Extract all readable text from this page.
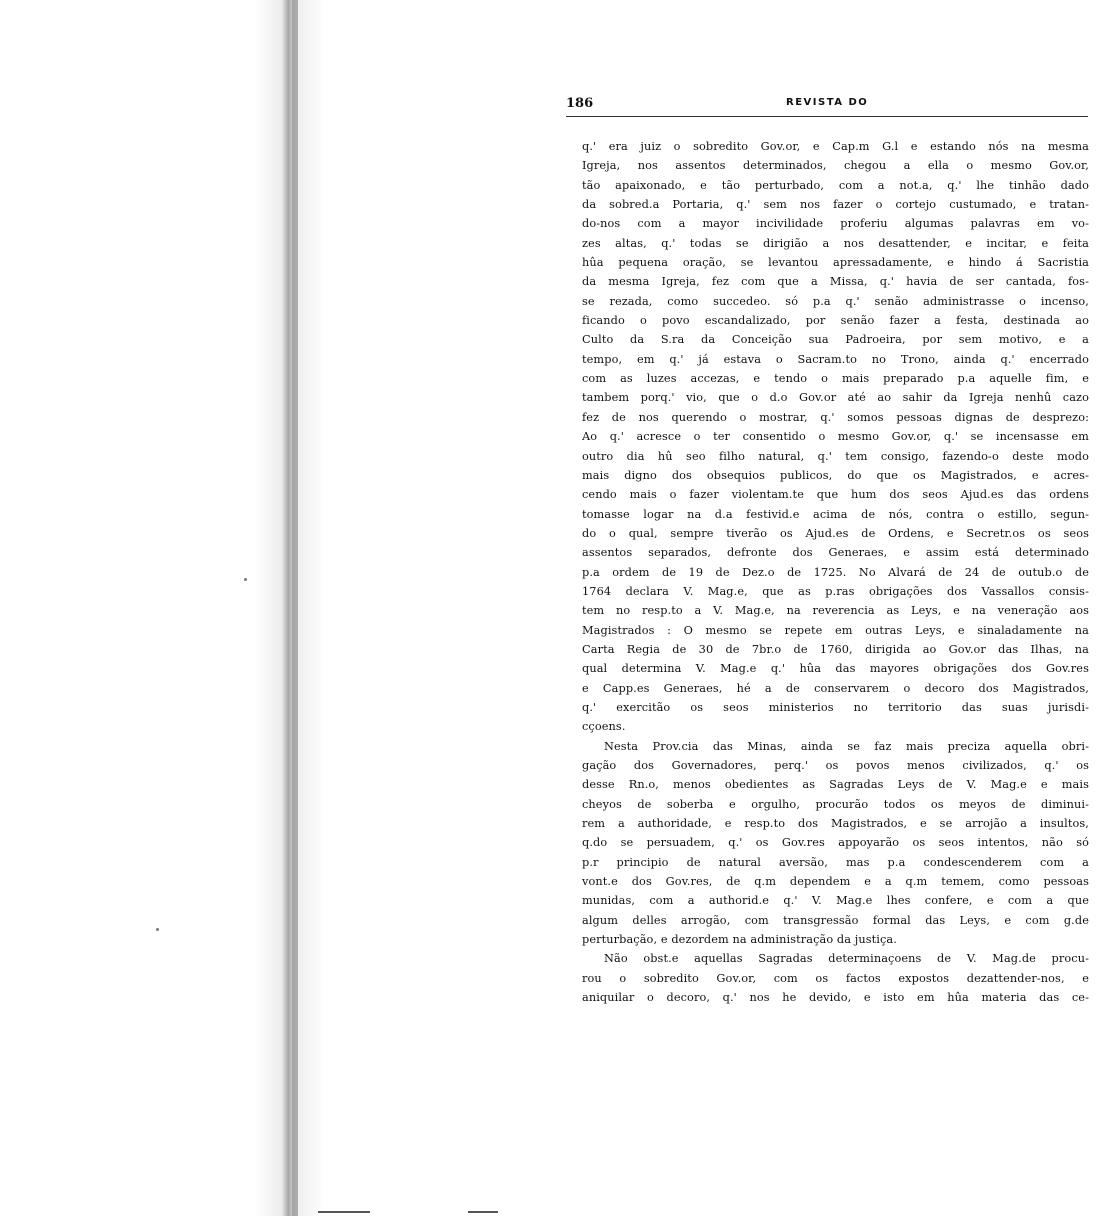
186	REVISTA DO
q.' era juiz o sobredito Gov.or, e Cap.m G.l e estando nós na mesma
Igreja, nos assentos determinados, chegou a ella o mesmo Gov.or,
tão apaixonado, e tão perturbado, com a not.a, q.' lhe tinhão dado
da sobred.a Portaria, q.' sem nos fazer o cortejo custumado, e tratan-
do-nos com a mayor incivilidade proferiu algumas palavras em vo-
zes altas, q.' todas se dirigião a nos desattender, e incitar, e feita
hûa pequena oração, se levantou apressadamente, e hindo á Sacristia
da mesma Igreja, fez com que a Missa, q.' havia de ser cantada, fos-
se rezada, como succedeo. só p.a q.' senão administrasse o incenso,
ficando o povo escandalizado, por senão fazer a festa, destinada ao
Culto da S.ra da Conceição sua Padroeira, por sem motivo, e a
tempo, em q.' já estava o Sacram.to no Trono, ainda q.' encerrado
com as luzes accezas, e tendo o mais preparado p.a aquelle fim, e
tambem porq.' vio, que o d.o Gov.or até ao sahir da Igreja nenhû cazo
fez de nos querendo o mostrar, q.' somos pessoas dignas de desprezo:
Ao q.' acresce o ter consentido o mesmo Gov.or, q.' se incensasse em
outro dia hû seo filho natural, q.' tem consigo, fazendo-o deste modo
mais digno dos obsequios publicos, do que os Magistrados, e acres-
cendo mais o fazer violentam.te que hum dos seos Ajud.es das ordens
tomasse logar na d.a festivid.e acima de nós, contra o estillo, segun-
do o qual, sempre tiverão os Ajud.es de Ordens, e Secretr.os os seos
assentos separados, defronte dos Generaes, e assim está determinado
p.a ordem de 19 de Dez.o de 1725. No Alvará de 24 de outub.o de
1764 declara V. Mag.e, que as p.ras obrigações dos Vassallos consis-
tem no resp.to a V. Mag.e, na reverencia as Leys, e na veneração aos
Magistrados : O mesmo se repete em outras Leys, e sinaladamente na
Carta Regia de 30 de 7br.o de 1760, dirigida ao Gov.or das Ilhas, na
qual determina V. Mag.e q.' hûa das mayores obrigações dos Gov.res
e Capp.es Generaes, hé a de conservarem o decoro dos Magistrados,
q.' exercitão os seos ministerios no territorio das suas jurisdi-
cçoens.
Nesta Prov.cia das Minas, ainda se faz mais preciza aquella obri-
gação dos Governadores, perq.' os povos menos civilizados, q.' os
desse Rn.o, menos obedientes as Sagradas Leys de V. Mag.e e mais
cheyos de soberba e orgulho, procurão todos os meyos de diminui-
rem a authoridade, e resp.to dos Magistrados, e se arrojão a insultos,
q.do se persuadem, q.' os Gov.res appoyarão os seos intentos, não só
p.r principio de natural aversão, mas p.a condescenderem com a
vont.e dos Gov.res, de q.m dependem e a q.m temem, como pessoas
munidas, com a authorid.e q.' V. Mag.e lhes confere, e com a que
algum delles arrogão, com transgressão formal das Leys, e com g.de
perturbação, e dezordem na administração da justiça.
Não obst.e aquellas Sagradas determinaçoens de V. Mag.de procu-
rou o sobredito Gov.or, com os factos expostos dezattender-nos, e
aniquilar o decoro, q.' nos he devido, e isto em hûa materia das ce-
